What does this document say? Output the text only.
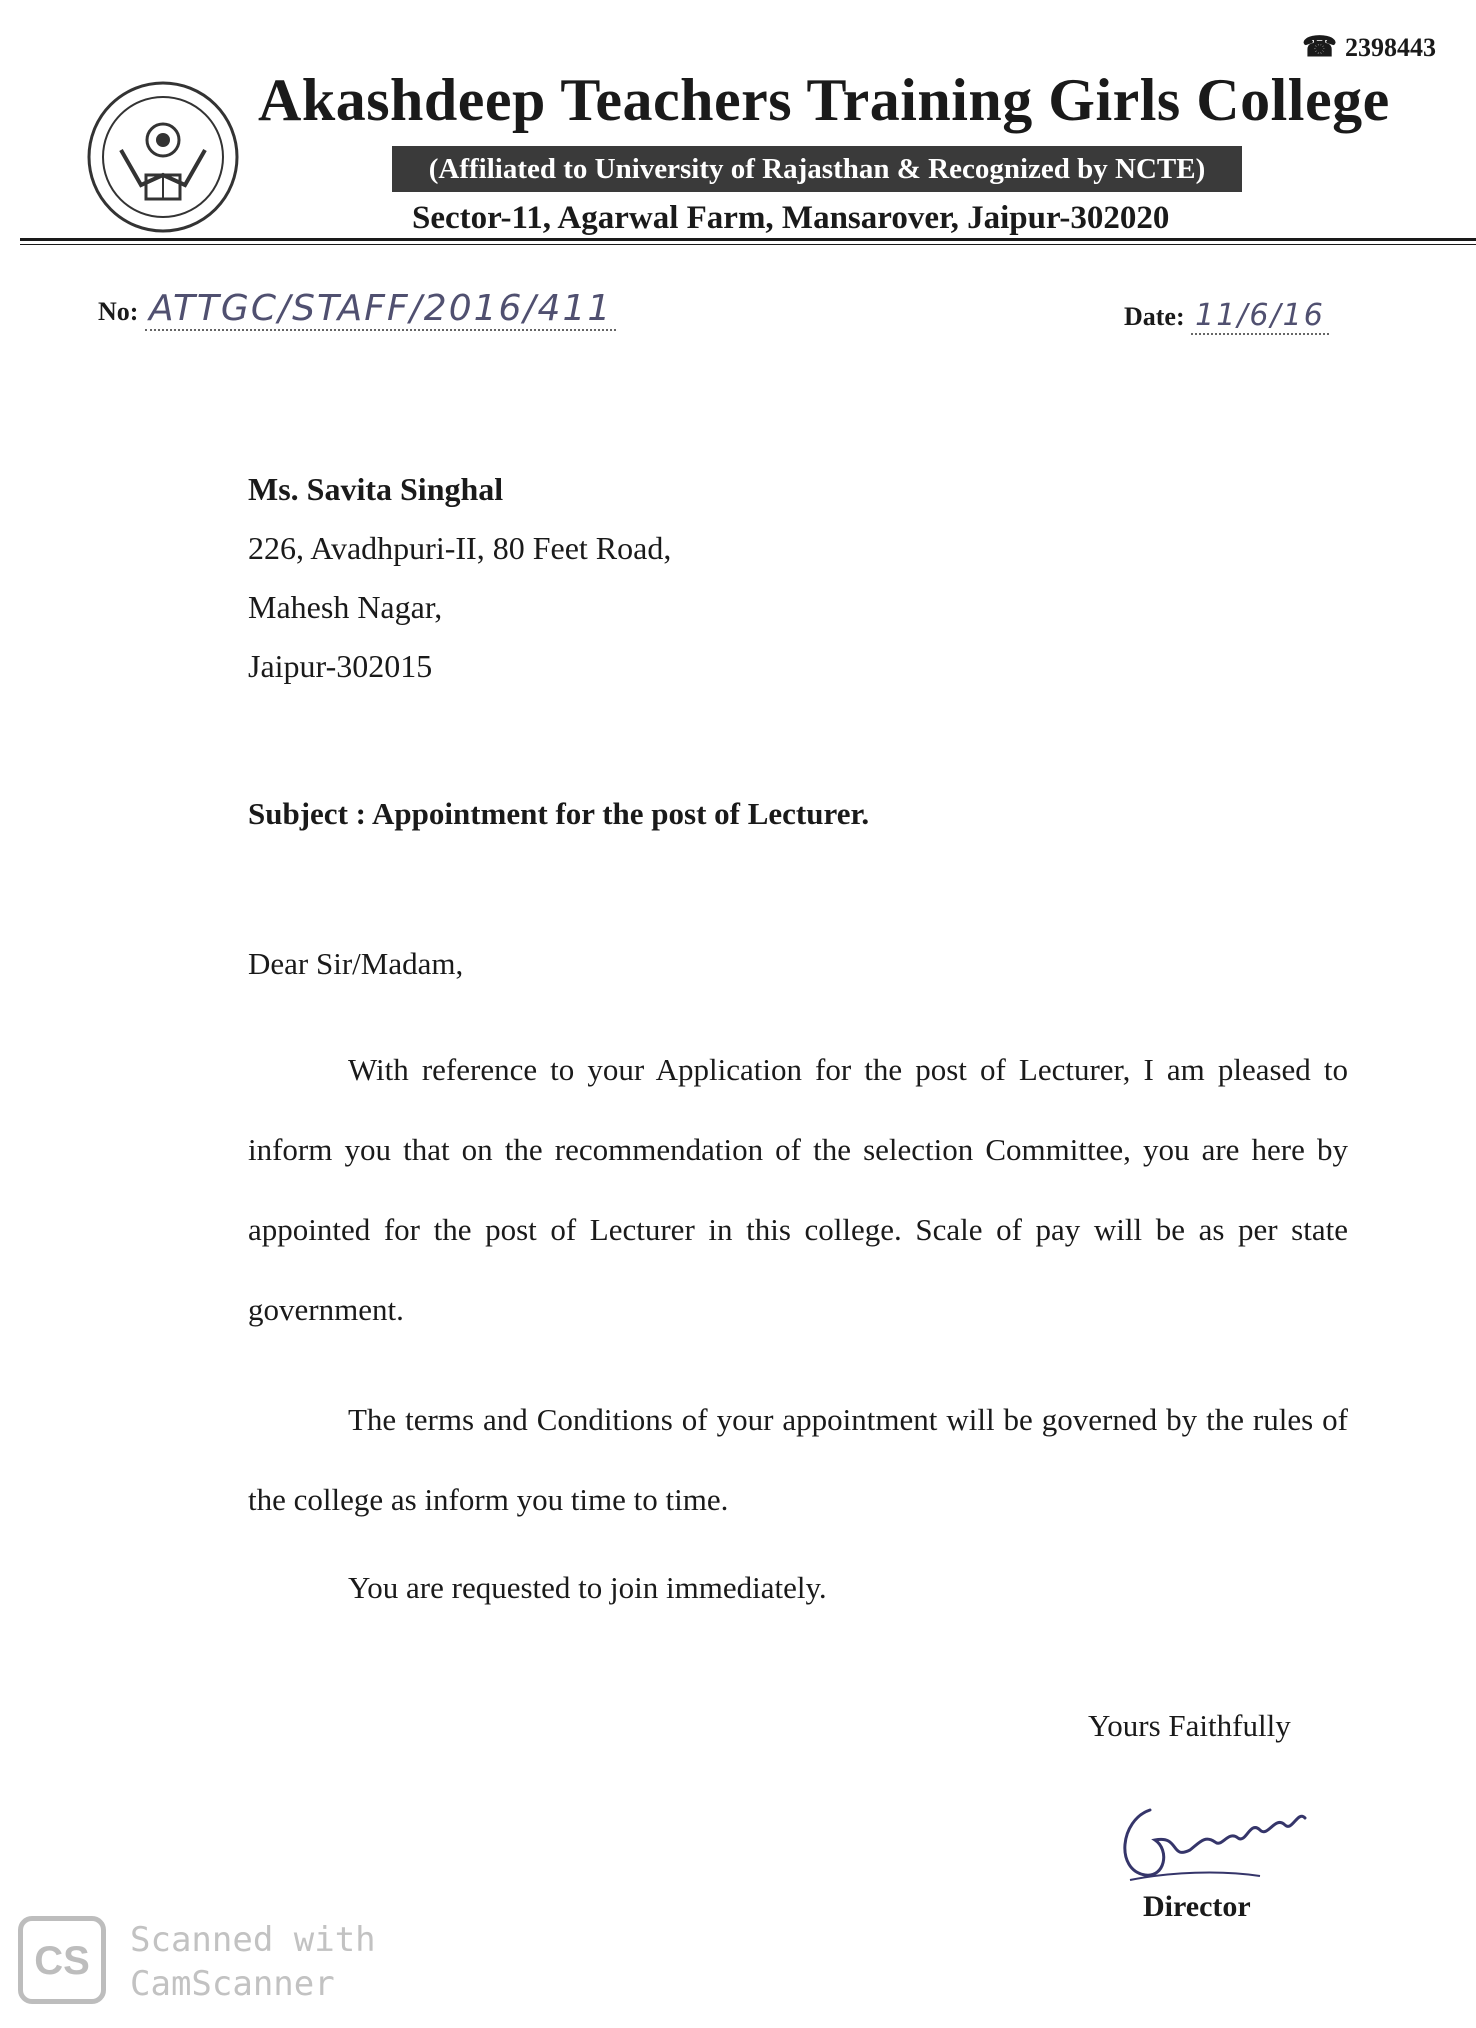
☎ 2398443
Akashdeep Teachers Training Girls College
(Affiliated to University of Rajasthan & Recognized by NCTE)
Sector-11, Agarwal Farm, Mansarover, Jaipur-302020
No: ATTGC/STAFF/2016/411	Date: 11/6/16
Ms. Savita Singhal
226, Avadhpuri-II, 80 Feet Road,
Mahesh Nagar,
Jaipur-302015
Subject : Appointment for the post of Lecturer.
Dear Sir/Madam,
With reference to your Application for the post of Lecturer, I am pleased to inform you that on the recommendation of the selection Committee, you are here by appointed for the post of Lecturer in this college. Scale of pay will be as per state government.
The terms and Conditions of your appointment will be governed by the rules of the college as inform you time to time.
You are requested to join immediately.
Yours Faithfully
Director
CS	Scanned with
CamScanner
